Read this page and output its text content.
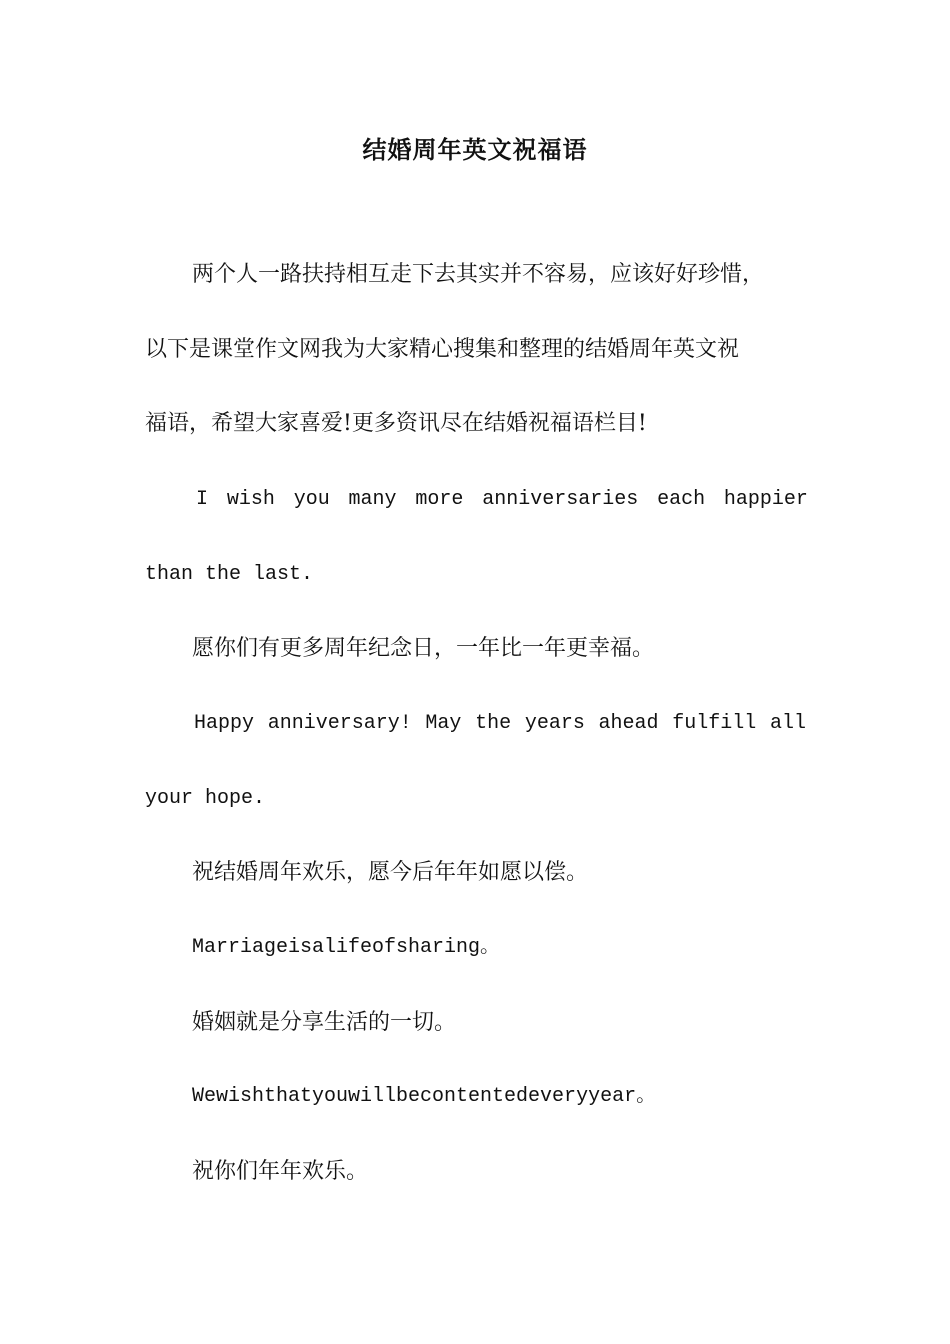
结婚周年英文祝福语
两个人一路扶持相互走下去其实并不容易，应该好好珍惜，
以下是课堂作文网我为大家精心搜集和整理的结婚周年英文祝
福语，希望大家喜爱!更多资讯尽在结婚祝福语栏目!
I wish you many more anniversaries each happier
than the last.
愿你们有更多周年纪念日，一年比一年更幸福。
Happy anniversary! May the years ahead fulfill all
your hope.
祝结婚周年欢乐，愿今后年年如愿以偿。
Marriageisalifeofsharing。
婚姻就是分享生活的一切。
Wewishthatyouwillbecontentedeveryyear。
祝你们年年欢乐。
